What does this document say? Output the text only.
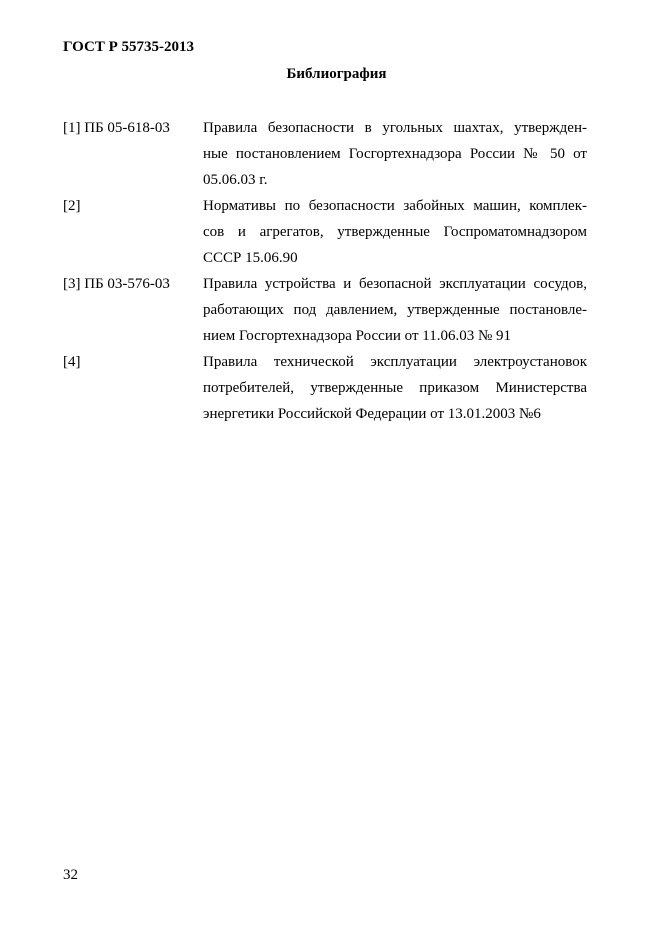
ГОСТ Р 55735-2013
Библиография
[1] ПБ 05-618-03	Правила безопасности в угольных шахтах, утвержден-
ные постановлением Госгортехнадзора России № 50 от
05.06.03 г.
[2]	Нормативы по безопасности забойных машин, комплек-
сов и агрегатов, утвержденные Госпроматомнадзором
СССР 15.06.90
[3] ПБ 03-576-03	Правила устройства и безопасной эксплуатации сосудов,
работающих под давлением, утвержденные постановле-
нием Госгортехнадзора России от 11.06.03 № 91
[4]	Правила технической эксплуатации электроустановок
потребителей, утвержденные приказом Министерства
энергетики Российской Федерации от 13.01.2003 №6
32
